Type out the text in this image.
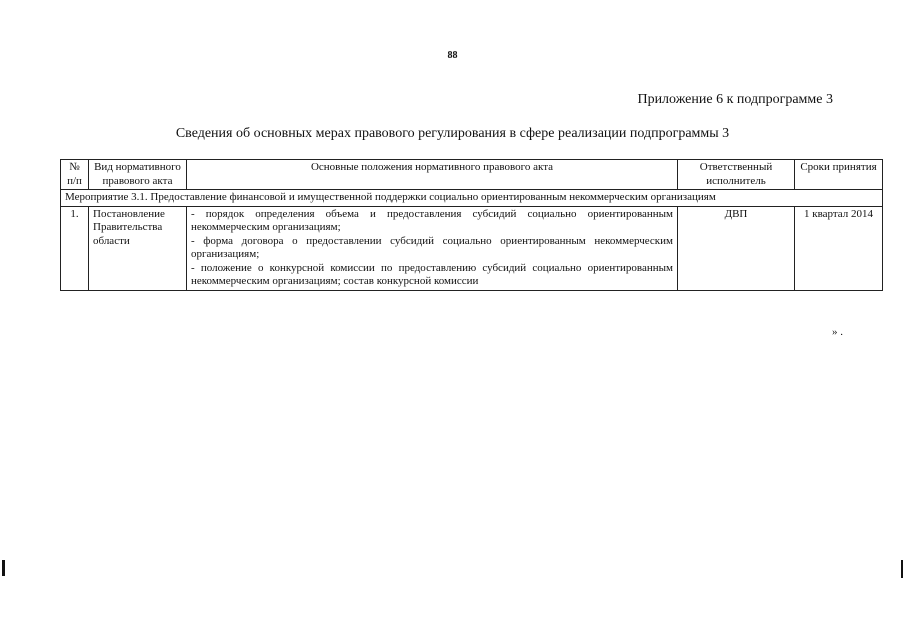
88
Приложение 6 к подпрограмме 3
Сведения об основных мерах правового регулирования в сфере реализации подпрограммы 3
№ п/п	Вид нормативного правового акта	Основные положения нормативного правового акта	Ответственный исполнитель	Сроки принятия
Мероприятие 3.1. Предоставление финансовой и имущественной поддержки социально ориентированным некоммерческим организациям				
1.	Постановление Правительства области	- порядок определения объема и предоставления субсидий социально ориентированным некоммерческим организациям;
- форма договора о предоставлении субсидий социально ориентированным некоммерческим организациям;
- положение о конкурсной комиссии по предоставлению субсидий социально ориентированным некоммерческим организациям; состав конкурсной комиссии	ДВП	1 квартал 2014
» .
